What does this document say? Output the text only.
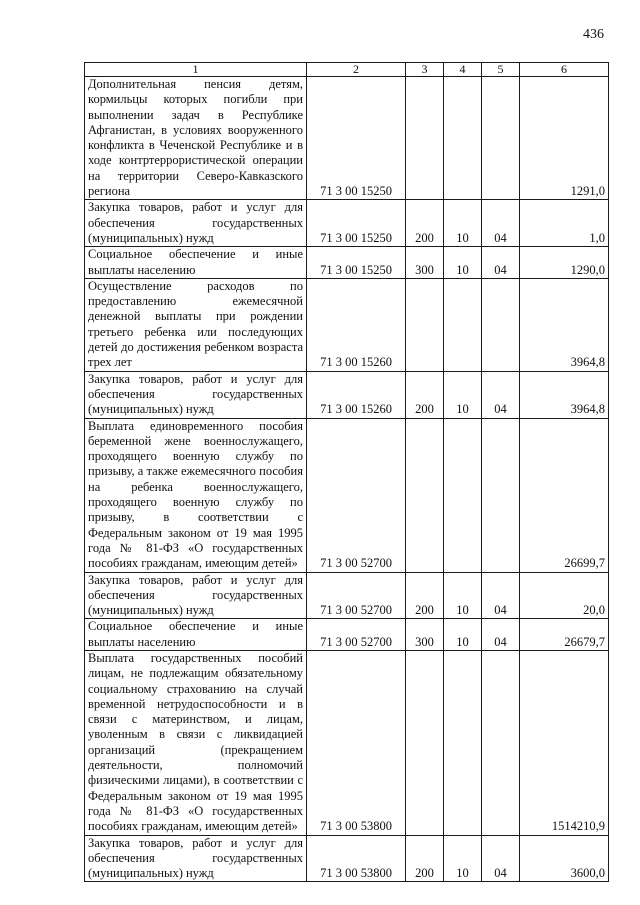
436
1	2	3	4	5	6
Дополнительная пенсия детям, кормильцы которых погибли при выполнении задач в Республике Афганистан, в условиях вооруженного конфликта в Чеченской Республике и в ходе контртеррористической операции на территории Северо-Кавказского региона	71 3 00 15250				1291,0
Закупка товаров, работ и услуг для обеспечения государственных (муниципальных) нужд	71 3 00 15250	200	10	04	1,0
Социальное обеспечение и иные выплаты населению	71 3 00 15250	300	10	04	1290,0
Осуществление расходов по предоставлению ежемесячной денежной выплаты при рождении третьего ребенка или последующих детей до достижения ребенком возраста трех лет	71 3 00 15260				3964,8
Закупка товаров, работ и услуг для обеспечения государственных (муниципальных) нужд	71 3 00 15260	200	10	04	3964,8
Выплата единовременного пособия беременной жене военнослужащего, проходящего военную службу по призыву, а также ежемесячного пособия на ребенка военнослужащего, проходящего военную службу по призыву, в соответствии с Федеральным законом от 19 мая 1995 года № 81-ФЗ «О государственных пособиях гражданам, имеющим детей»	71 3 00 52700				26699,7
Закупка товаров, работ и услуг для обеспечения государственных (муниципальных) нужд	71 3 00 52700	200	10	04	20,0
Социальное обеспечение и иные выплаты населению	71 3 00 52700	300	10	04	26679,7
Выплата государственных пособий лицам, не подлежащим обязательному социальному страхованию на случай временной нетрудоспособности и в связи с материнством, и лицам, уволенным в связи с ликвидацией организаций (прекращением деятельности, полномочий физическими лицами), в соответствии с Федеральным законом от 19 мая 1995 года № 81-ФЗ «О государственных пособиях гражданам, имеющим детей»	71 3 00 53800				1514210,9
Закупка товаров, работ и услуг для обеспечения государственных (муниципальных) нужд	71 3 00 53800	200	10	04	3600,0
